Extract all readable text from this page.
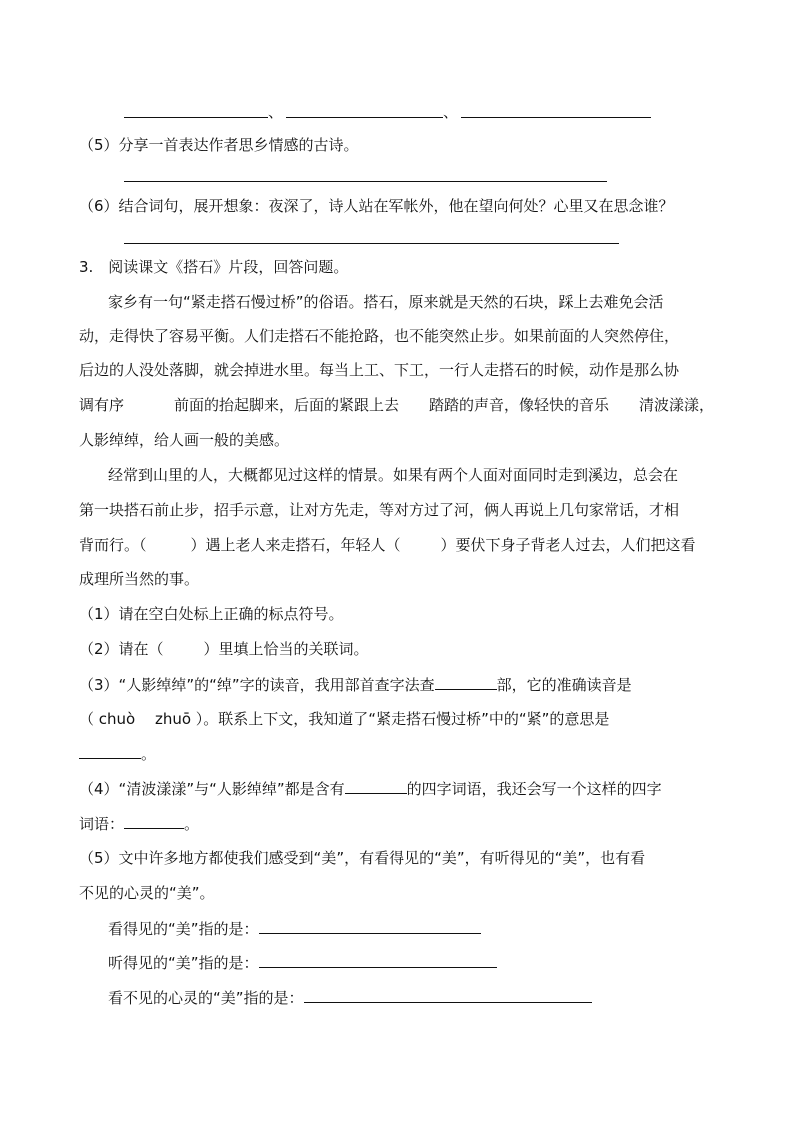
、	、
（5）分享一首表达作者思乡情感的古诗。
（6）结合词句，展开想象：夜深了，诗人站在军帐外，他在望向何处？心里又在思念谁？
3.　阅读课文《搭石》片段，回答问题。
家乡有一句“紧走搭石慢过桥”的俗语。搭石，原来就是天然的石块，踩上去难免会活
动，走得快了容易平衡。人们走搭石不能抢路，也不能突然止步。如果前面的人突然停住，
后边的人没处落脚，就会掉进水里。每当上工、下工，一行人走搭石的时候，动作是那么协
调有序	前面的抬起脚来，后面的紧跟上去 踏踏的声音，像轻快的音乐 清波漾漾，
人影绰绰，给人画一般的美感。
经常到山里的人，大概都见过这样的情景。如果有两个人面对面同时走到溪边，总会在
第一块搭石前止步，招手示意，让对方先走，等对方过了河，俩人再说上几句家常话，才相
背而行。（	）遇上老人来走搭石，年轻人（	）要伏下身子背老人过去，人们把这看
成理所当然的事。
（1）请在空白处标上正确的标点符号。
（2）请在（	）里填上恰当的关联词。
（3）“人影绰绰”的“绰”字的读音，我用部首查字法查	部，它的准确读音是
（ chuò　 zhuō ）。联系上下文，我知道了“紧走搭石慢过桥”中的“紧”的意思是
。
（4）“清波漾漾”与“人影绰绰”都是含有	的四字词语，我还会写一个这样的四字
词语：	。
（5）文中许多地方都使我们感受到“美”，有看得见的“美”，有听得见的“美”，也有看
不见的心灵的“美”。
看得见的“美”指的是：
听得见的“美”指的是：
看不见的心灵的“美”指的是：
